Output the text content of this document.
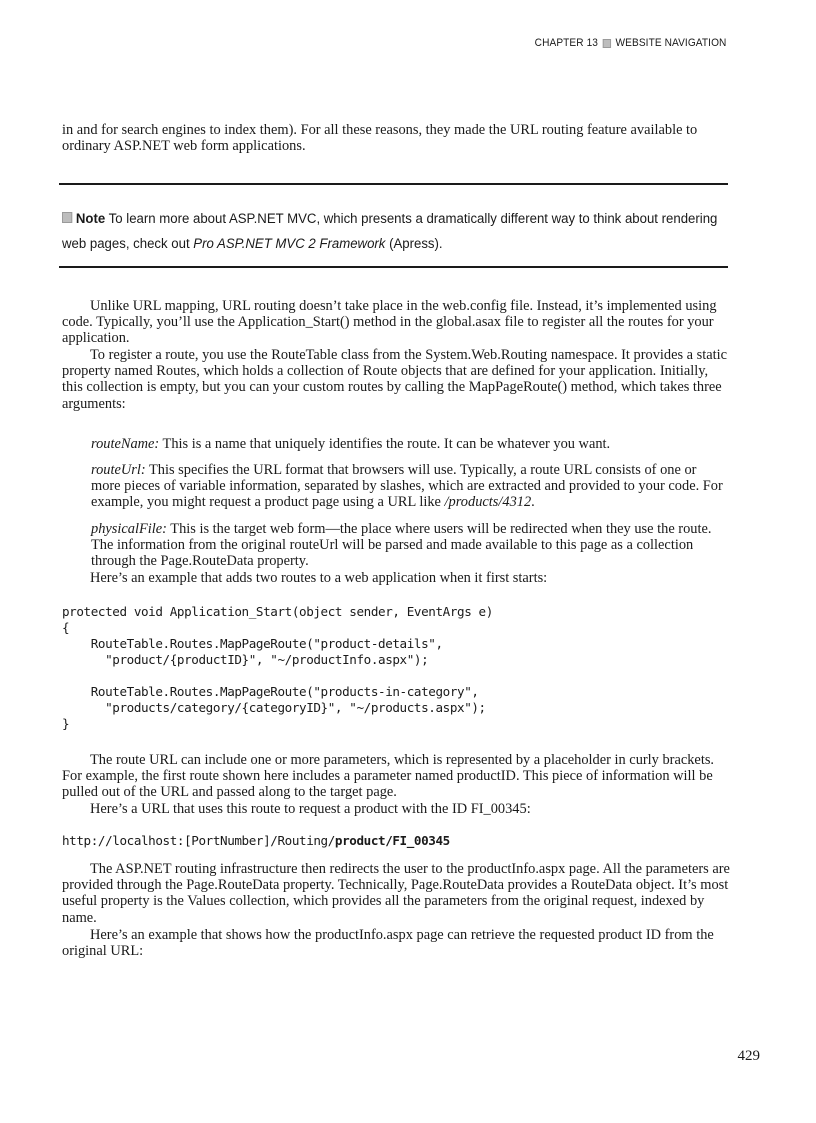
CHAPTER 13 WEBSITE NAVIGATION

in and for search engines to index them). For all these reasons, they made the URL routing feature available to ordinary ASP.NET web form applications.

Note To learn more about ASP.NET MVC, which presents a dramatically different way to think about rendering web pages, check out Pro ASP.NET MVC 2 Framework (Apress).

Unlike URL mapping, URL routing doesn’t take place in the web.config file. Instead, it’s implemented using code. Typically, you’ll use the Application_Start() method in the global.asax file to register all the routes for your application.

To register a route, you use the RouteTable class from the System.Web.Routing namespace. It provides a static property named Routes, which holds a collection of Route objects that are defined for your application. Initially, this collection is empty, but you can your custom routes by calling the MapPageRoute() method, which takes three arguments:

routeName: This is a name that uniquely identifies the route. It can be whatever you want.

routeUrl: This specifies the URL format that browsers will use. Typically, a route URL consists of one or more pieces of variable information, separated by slashes, which are extracted and provided to your code. For example, you might request a product page using a URL like /products/4312.

physicalFile: This is the target web form—the place where users will be redirected when they use the route. The information from the original routeUrl will be parsed and made available to this page as a collection through the Page.RouteData property.

Here’s an example that adds two routes to a web application when it first starts:

protected void Application_Start(object sender, EventArgs e)
{
RouteTable.Routes.MapPageRoute("product-details",
"product/{productID}", "~/productInfo.aspx");

RouteTable.Routes.MapPageRoute("products-in-category",
"products/category/{categoryID}", "~/products.aspx");
}

The route URL can include one or more parameters, which is represented by a placeholder in curly brackets. For example, the first route shown here includes a parameter named productID. This piece of information will be pulled out of the URL and passed along to the target page.

Here’s a URL that uses this route to request a product with the ID FI_00345:

http://localhost:[PortNumber]/Routing/product/FI_00345

The ASP.NET routing infrastructure then redirects the user to the productInfo.aspx page. All the parameters are provided through the Page.RouteData property. Technically, Page.RouteData provides a RouteData object. It’s most useful property is the Values collection, which provides all the parameters from the original request, indexed by name.

Here’s an example that shows how the productInfo.aspx page can retrieve the requested product ID from the original URL:

429
